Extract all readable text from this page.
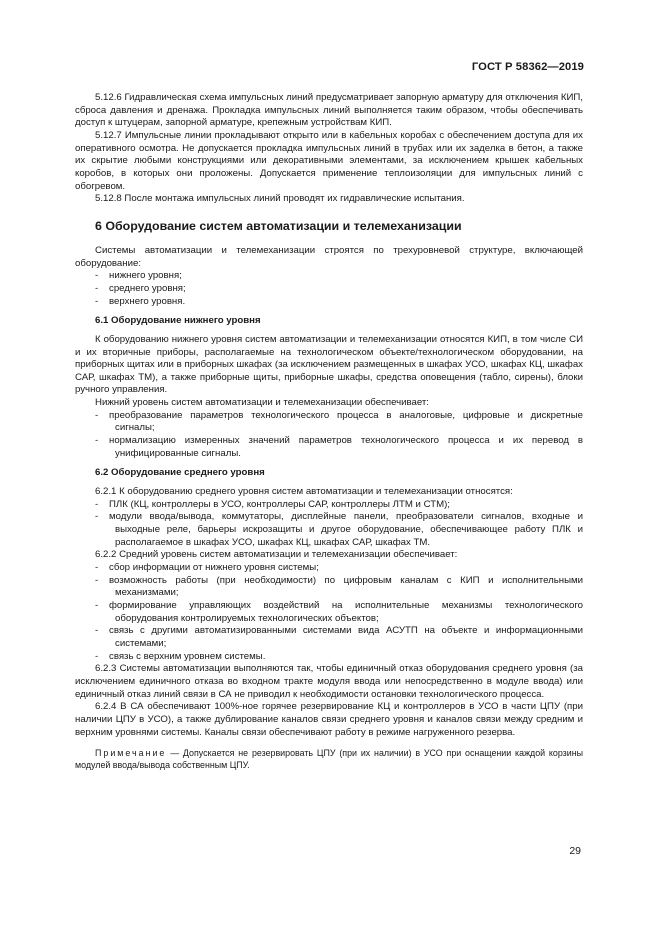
ГОСТ Р 58362—2019

5.12.6 Гидравлическая схема импульсных линий предусматривает запорную арматуру для отключения КИП, сброса давления и дренажа. Прокладка импульсных линий выполняется таким образом, чтобы обеспечивать доступ к штуцерам, запорной арматуре, крепежным устройствам КИП.

5.12.7 Импульсные линии прокладывают открыто или в кабельных коробах с обеспечением доступа для их оперативного осмотра. Не допускается прокладка импульсных линий в трубах или их заделка в бетон, а также их скрытие любыми конструкциями или декоративными элементами, за исключением крышек кабельных коробов, в которых они проложены. Допускается применение теплоизоляции для импульсных линий с обогревом.

5.12.8 После монтажа импульсных линий проводят их гидравлические испытания.

6 Оборудование систем автоматизации и телемеханизации

Системы автоматизации и телемеханизации строятся по трехуровневой структуре, включающей оборудование:

- нижнего уровня;
- среднего уровня;
- верхнего уровня.
6.1 Оборудование нижнего уровня

К оборудованию нижнего уровня систем автоматизации и телемеханизации относятся КИП, в том числе СИ и их вторичные приборы, располагаемые на технологическом объекте/технологическом оборудовании, на приборных щитах или в приборных шкафах (за исключением размещенных в шкафах УСО, шкафах КЦ, шкафах САР, шкафах ТМ), а также приборные щиты, приборные шкафы, средства оповещения (табло, сирены), блоки ручного управления.

Нижний уровень систем автоматизации и телемеханизации обеспечивает:

- преобразование параметров технологического процесса в аналоговые, цифровые и дискретные сигналы;
- нормализацию измеренных значений параметров технологического процесса и их перевод в унифицированные сигналы.
6.2 Оборудование среднего уровня

6.2.1 К оборудованию среднего уровня систем автоматизации и телемеханизации относятся:

- ПЛК (КЦ, контроллеры в УСО, контроллеры САР, контроллеры ЛТМ и СТМ);
- модули ввода/вывода, коммутаторы, дисплейные панели, преобразователи сигналов, входные и выходные реле, барьеры искрозащиты и другое оборудование, обеспечивающее работу ПЛК и располагаемое в шкафах УСО, шкафах КЦ, шкафах САР, шкафах ТМ.

6.2.2 Средний уровень систем автоматизации и телемеханизации обеспечивает:

- сбор информации от нижнего уровня системы;
- возможность работы (при необходимости) по цифровым каналам с КИП и исполнительными механизмами;
- формирование управляющих воздействий на исполнительные механизмы технологического оборудования контролируемых технологических объектов;
- связь с другими автоматизированными системами вида АСУТП на объекте и информационными системами;
- связь с верхним уровнем системы.

6.2.3 Системы автоматизации выполняются так, чтобы единичный отказ оборудования среднего уровня (за исключением единичного отказа во входном тракте модуля ввода или непосредственно в модуле ввода) или единичный отказ линий связи в СА не приводил к необходимости остановки технологического процесса.

6.2.4 В СА обеспечивают 100%-ное горячее резервирование КЦ и контроллеров в УСО в части ЦПУ (при наличии ЦПУ в УСО), а также дублирование каналов связи среднего уровня и каналов связи между средним и верхним уровнями системы. Каналы связи обеспечивают работу в режиме нагруженного резерва.

Примечание — Допускается не резервировать ЦПУ (при их наличии) в УСО при оснащении каждой корзины модулей ввода/вывода собственным ЦПУ.

29
